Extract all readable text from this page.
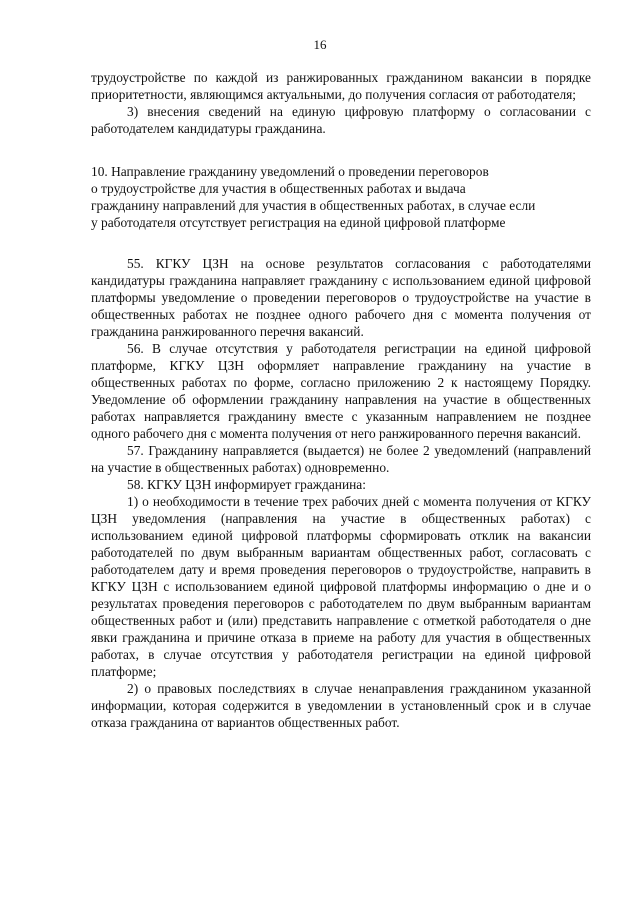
16

трудоустройстве по каждой из ранжированных гражданином вакансии в порядке приоритетности, являющимся актуальными, до получения согласия от работодателя;

3) внесения сведений на единую цифровую платформу о согласовании с работодателем кандидатуры гражданина.

10. Направление гражданину уведомлений о проведении переговоров
о трудоустройстве для участия в общественных работах и выдача
гражданину направлений для участия в общественных работах, в случае если
у работодателя отсутствует регистрация на единой цифровой платформе

55. КГКУ ЦЗН на основе результатов согласования с работодателями кандидатуры гражданина направляет гражданину с использованием единой цифровой платформы уведомление о проведении переговоров о трудоустройстве на участие в общественных работах не позднее одного рабочего дня с момента получения от гражданина ранжированного перечня вакансий.

56. В случае отсутствия у работодателя регистрации на единой цифровой платформе, КГКУ ЦЗН оформляет направление гражданину на участие в общественных работах по форме, согласно приложению 2 к настоящему Порядку. Уведомление об оформлении гражданину направления на участие в общественных работах направляется гражданину вместе с указанным направлением не позднее одного рабочего дня с момента получения от него ранжированного перечня вакансий.

57. Гражданину направляется (выдается) не более 2 уведомлений (направлений на участие в общественных работах) одновременно.

58. КГКУ ЦЗН информирует гражданина:

1) о необходимости в течение трех рабочих дней с момента получения от КГКУ ЦЗН уведомления (направления на участие в общественных работах) с использованием единой цифровой платформы сформировать отклик на вакансии работодателей по двум выбранным вариантам общественных работ, согласовать с работодателем дату и время проведения переговоров о трудоустройстве, направить в КГКУ ЦЗН с использованием единой цифровой платформы информацию о дне и о результатах проведения переговоров с работодателем по двум выбранным вариантам общественных работ и (или) представить направление с отметкой работодателя о дне явки гражданина и причине отказа в приеме на работу для участия в общественных работах, в случае отсутствия у работодателя регистрации на единой цифровой платформе;

2) о правовых последствиях в случае ненаправления гражданином указанной информации, которая содержится в уведомлении в установленный срок и в случае отказа гражданина от вариантов общественных работ.
